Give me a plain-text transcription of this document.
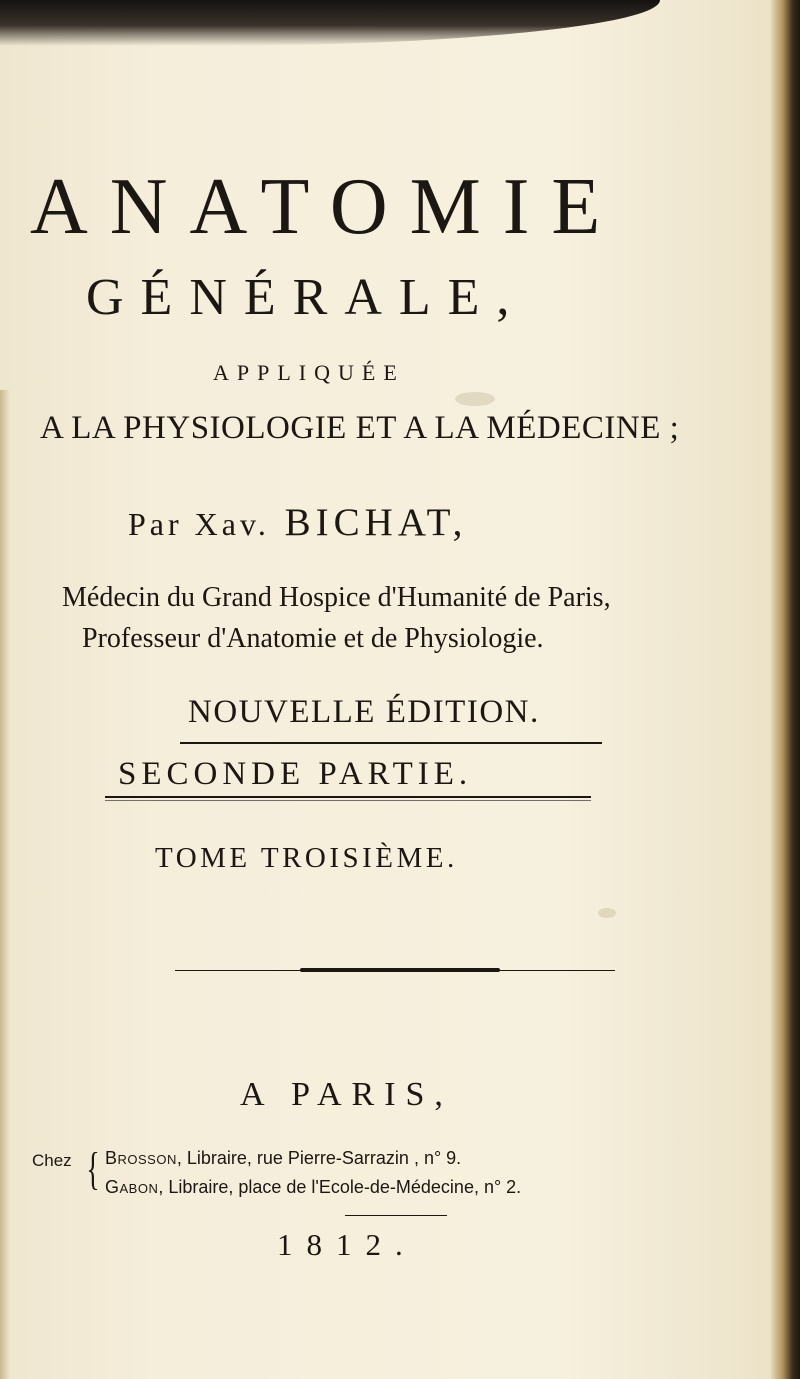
ANATOMIE
GÉNÉRALE,
APPLIQUÉE
A LA PHYSIOLOGIE ET A LA MÉDECINE ;
Par Xav. BICHAT,
Médecin du Grand Hospice d'Humanité de Paris,
Professeur d'Anatomie et de Physiologie.
NOUVELLE ÉDITION.
SECONDE PARTIE.
TOME TROISIÈME.
A PARIS,
Chez { Brosson, Libraire, rue Pierre-Sarrazin , n° 9.
Gabon, Libraire, place de l'Ecole-de-Médecine, n° 2.
1812.
